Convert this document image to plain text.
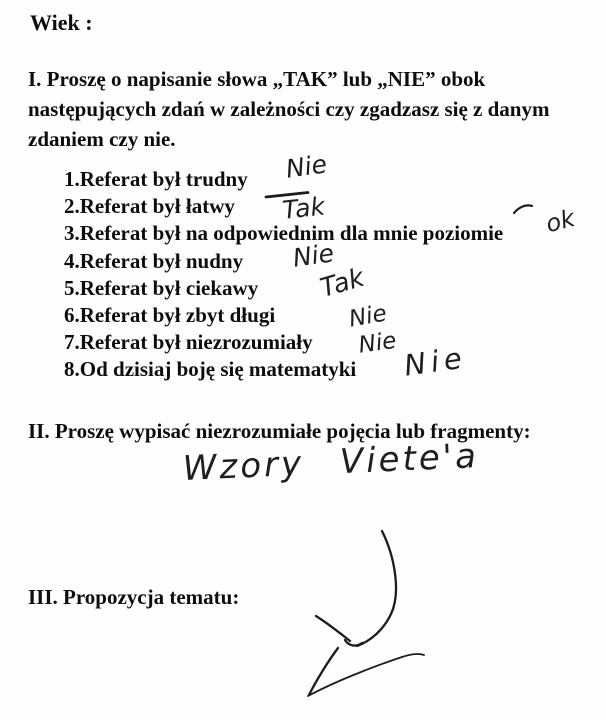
Wiek :
I. Proszę o napisanie słowa „TAK” lub „NIE” obok
następujących zdań w zależności czy zgadzasz się z danym
zdaniem czy nie.
1.Referat był trudny
2.Referat był łatwy
3.Referat był na odpowiednim dla mnie poziomie
4.Referat był nudny
5.Referat był ciekawy
6.Referat był zbyt długi
7.Referat był niezrozumiały
8.Od dzisiaj boję się matematyki
Nie
Tak	ok
Nie
Tak
Nie
Nie Nie
II. Proszę wypisać niezrozumiałe pojęcia lub fragmenty:
Wzory Viete'a
III. Propozycja tematu:
